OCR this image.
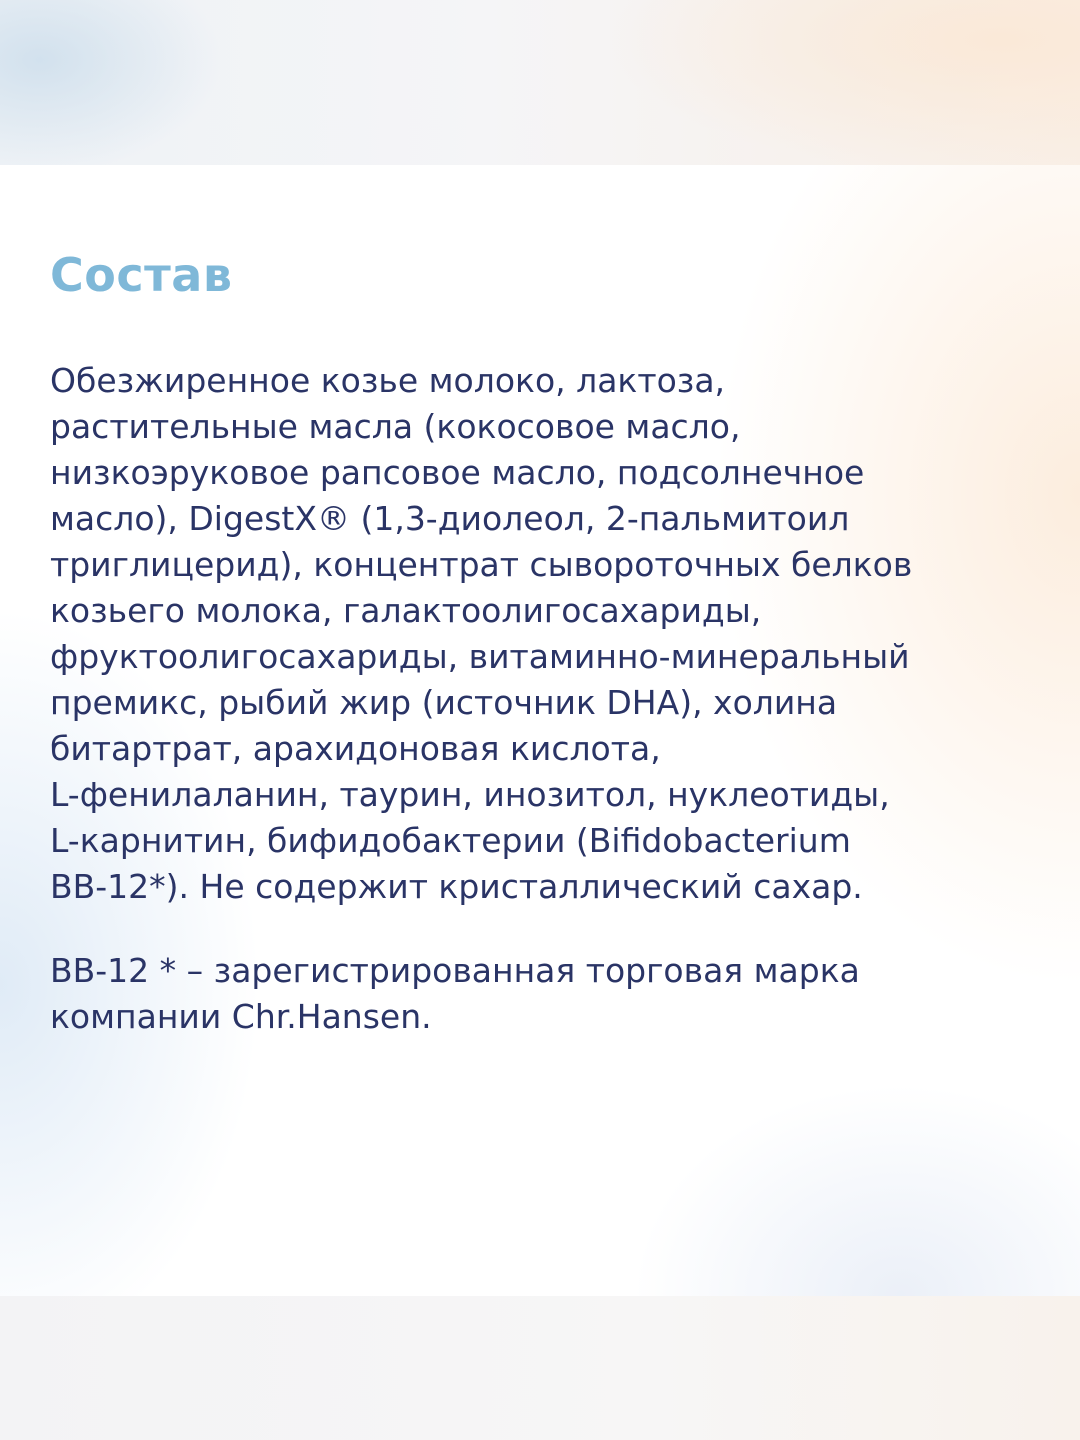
Состав

Обезжиренное козье молоко, лактоза,
растительные масла (кокосовое масло,
низкоэруковое рапсовое масло, подсолнечное
масло), DigestX® (1,3-диолеол, 2-пальмитоил
триглицерид), концентрат сывороточных белков
козьего молока, галактоолигосахариды,
фруктоолигосахариды, витаминно-минеральный
премикс, рыбий жир (источник DHA), холина
битартрат, арахидоновая кислота,
L-фенилаланин, таурин, инозитол, нуклеотиды,
L-карнитин, бифидобактерии (Bifidobacterium
BB-12*). Не содержит кристаллический сахар.

BB-12 * – зарегистрированная торговая марка
компании Chr.Hansen.
